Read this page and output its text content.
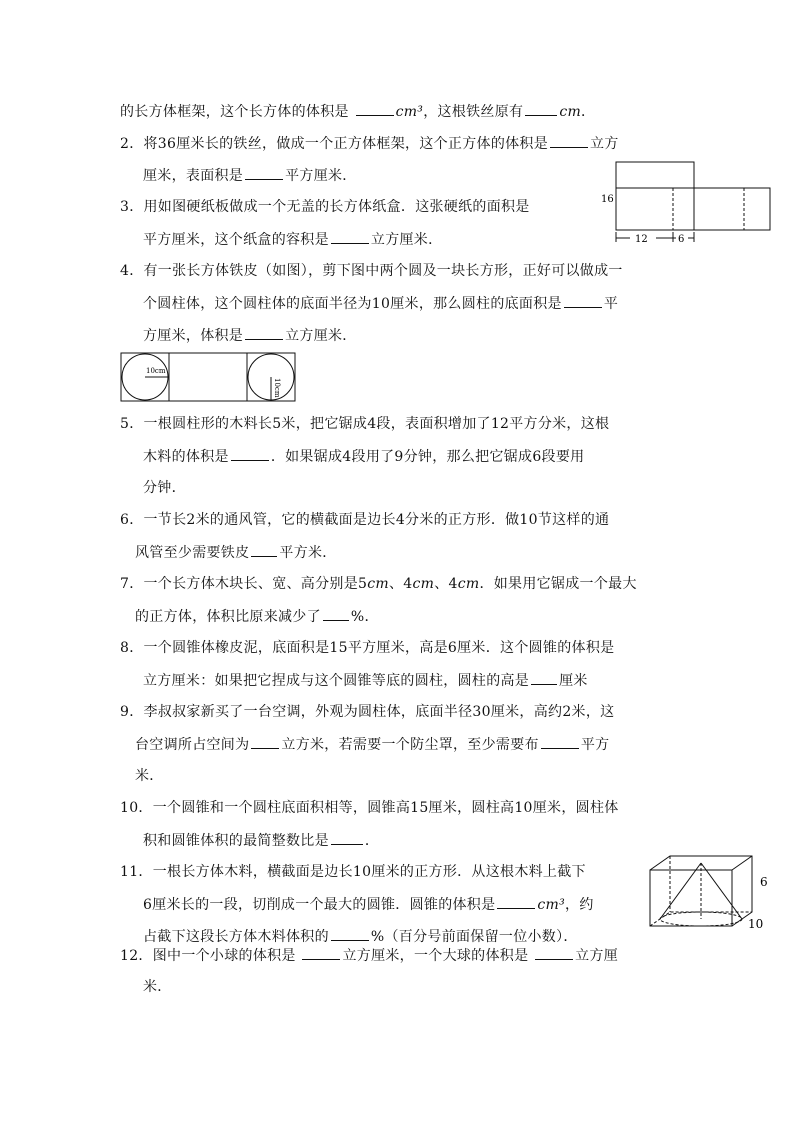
的长方体框架，这个长方体的体积是	cm³，这根铁丝原有	cm．
2．将36厘米长的铁丝，做成一个正方体框架，这个正方体的体积是	立方
厘米，表面积是	平方厘米．
3．用如图硬纸板做成一个无盖的长方体纸盒．这张硬纸的面积是
平方厘米，这个纸盒的容积是	立方厘米．
16
12	6
4．有一张长方体铁皮（如图），剪下图中两个圆及一块长方形，正好可以做成一
个圆柱体，这个圆柱体的底面半径为10厘米，那么圆柱的底面积是	平
方厘米，体积是	立方厘米．
10cm
10cm
5．一根圆柱形的木料长5米，把它锯成4段，表面积增加了12平方分米，这根
木料的体积是	．如果锯成4段用了9分钟，那么把它锯成6段要用
分钟．
6．一节长2米的通风管，它的横截面是边长4分米的正方形．做10节这样的通
风管至少需要铁皮 平方米．
7．一个长方体木块长、宽、高分别是5cm、4cm、4cm．如果用它锯成一个最大
的正方体，体积比原来减少了 %．
8．一个圆锥体橡皮泥，底面积是15平方厘米，高是6厘米．这个圆锥的体积是
立方厘米：如果把它捏成与这个圆锥等底的圆柱，圆柱的高是 厘米
9．李叔叔家新买了一台空调，外观为圆柱体，底面半径30厘米，高约2米，这
台空调所占空间为 立方米，若需要一个防尘罩，至少需要布	平方
米．
10．一个圆锥和一个圆柱底面积相等，圆锥高15厘米，圆柱高10厘米，圆柱体
积和圆锥体积的最简整数比是	．
11．一根长方体木料，横截面是边长10厘米的正方形．从这根木料上截下
6厘米长的一段，切削成一个最大的圆锥．圆锥的体积是	cm³，约
占截下这段长方体木料体积的	%（百分号前面保留一位小数）．
6
10
12．图中一个小球的体积是	立方厘米，一个大球的体积是	立方厘
米．
